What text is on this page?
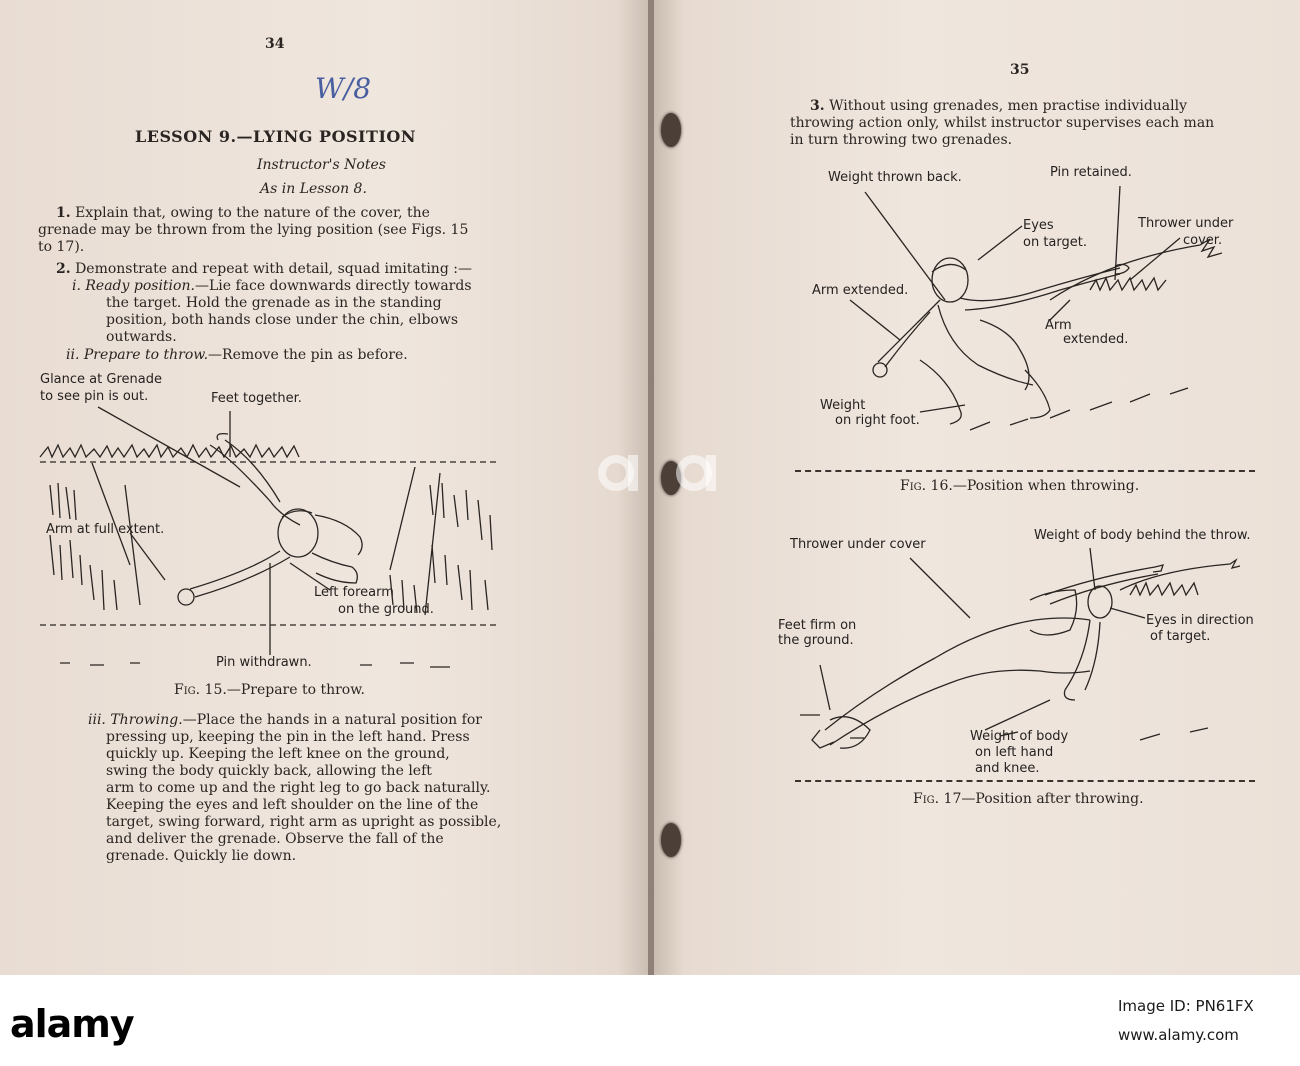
34
W/8
LESSON 9.—LYING POSITION
Instructor's Notes
As in Lesson 8.
1. Explain that, owing to the nature of the cover, the
grenade may be thrown from the lying position (see Figs. 15
to 17).
2. Demonstrate and repeat with detail, squad imitating :—
i. Ready position.—Lie face downwards directly towards
the target. Hold the grenade as in the standing
position, both hands close under the chin, elbows
outwards.
ii. Prepare to throw.—Remove the pin as before.
Glance at Grenade
to see pin is out.	Feet together.
Arm at full extent.
Left forearm
on the ground.
Pin withdrawn.
Fig. 15.—Prepare to throw.
iii. Throwing.—Place the hands in a natural position for
pressing up, keeping the pin in the left hand. Press
quickly up. Keeping the left knee on the ground,
swing the body quickly back, allowing the left
arm to come up and the right leg to go back naturally.
Keeping the eyes and left shoulder on the line of the
target, swing forward, right arm as upright as possible,
and deliver the grenade. Observe the fall of the
grenade. Quickly lie down.
35
3. Without using grenades, men practise individually
throwing action only, whilst instructor supervises each man
in turn throwing two grenades.
Weight thrown back.	Pin retained.
Eyes
on target.
Thrower under
cover.
Arm extended.
Arm
extended.
Weight
on right foot.
Fig. 16.—Position when throwing.
Thrower under cover
Weight of body behind the throw.
Feet firm on
the ground.
Eyes in direction
of target.
Weight of body
on left hand
and knee.
Fig. 17—Position after throwing.
alamy	Image ID: PN61FX
www.alamy.com
